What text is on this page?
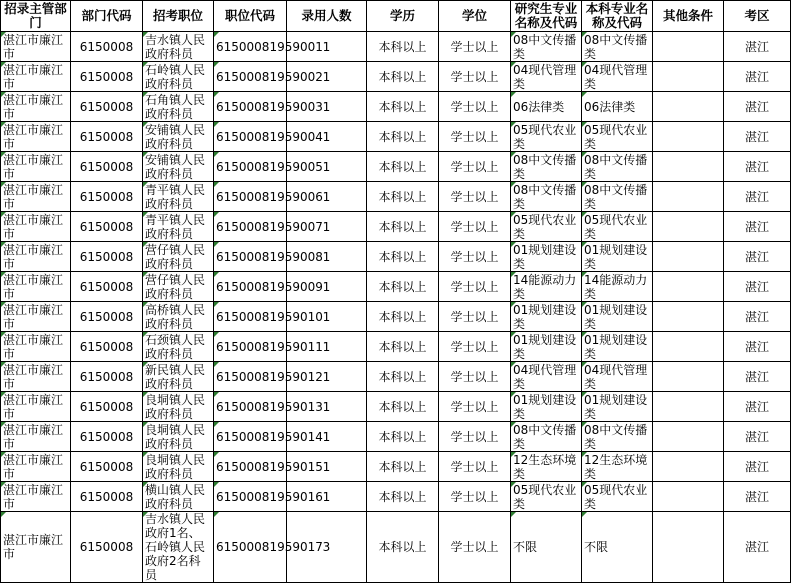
招录主管部门	部门代码	招考职位	职位代码	录用人数	学历	学位	研究生专业名称及代码	本科专业名称及代码	其他条件	考区
湛江市廉江市	6150008	吉水镇人民政府科员	61500081959001	1	本科以上	学士以上	08中文传播类	08中文传播类		湛江
湛江市廉江市	6150008	石岭镇人民政府科员	61500081959002	1	本科以上	学士以上	04现代管理类	04现代管理类		湛江
湛江市廉江市	6150008	石角镇人民政府科员	61500081959003	1	本科以上	学士以上	06法律类	06法律类		湛江
湛江市廉江市	6150008	安铺镇人民政府科员	61500081959004	1	本科以上	学士以上	05现代农业类	05现代农业类		湛江
湛江市廉江市	6150008	安铺镇人民政府科员	61500081959005	1	本科以上	学士以上	08中文传播类	08中文传播类		湛江
湛江市廉江市	6150008	青平镇人民政府科员	61500081959006	1	本科以上	学士以上	08中文传播类	08中文传播类		湛江
湛江市廉江市	6150008	青平镇人民政府科员	61500081959007	1	本科以上	学士以上	05现代农业类	05现代农业类		湛江
湛江市廉江市	6150008	营仔镇人民政府科员	61500081959008	1	本科以上	学士以上	01规划建设类	01规划建设类		湛江
湛江市廉江市	6150008	营仔镇人民政府科员	61500081959009	1	本科以上	学士以上	14能源动力类	14能源动力类		湛江
湛江市廉江市	6150008	高桥镇人民政府科员	61500081959010	1	本科以上	学士以上	01规划建设类	01规划建设类		湛江
湛江市廉江市	6150008	石颈镇人民政府科员	61500081959011	1	本科以上	学士以上	01规划建设类	01规划建设类		湛江
湛江市廉江市	6150008	新民镇人民政府科员	61500081959012	1	本科以上	学士以上	04现代管理类	04现代管理类		湛江
湛江市廉江市	6150008	良垌镇人民政府科员	61500081959013	1	本科以上	学士以上	01规划建设类	01规划建设类		湛江
湛江市廉江市	6150008	良垌镇人民政府科员	61500081959014	1	本科以上	学士以上	08中文传播类	08中文传播类		湛江
湛江市廉江市	6150008	良垌镇人民政府科员	61500081959015	1	本科以上	学士以上	12生态环境类	12生态环境类		湛江
湛江市廉江市	6150008	横山镇人民政府科员	61500081959016	1	本科以上	学士以上	05现代农业类	05现代农业类		湛江
湛江市廉江市	6150008	吉水镇人民政府1名、石岭镇人民政府2名科员	61500081959017	3	本科以上	学士以上	不限	不限		湛江
